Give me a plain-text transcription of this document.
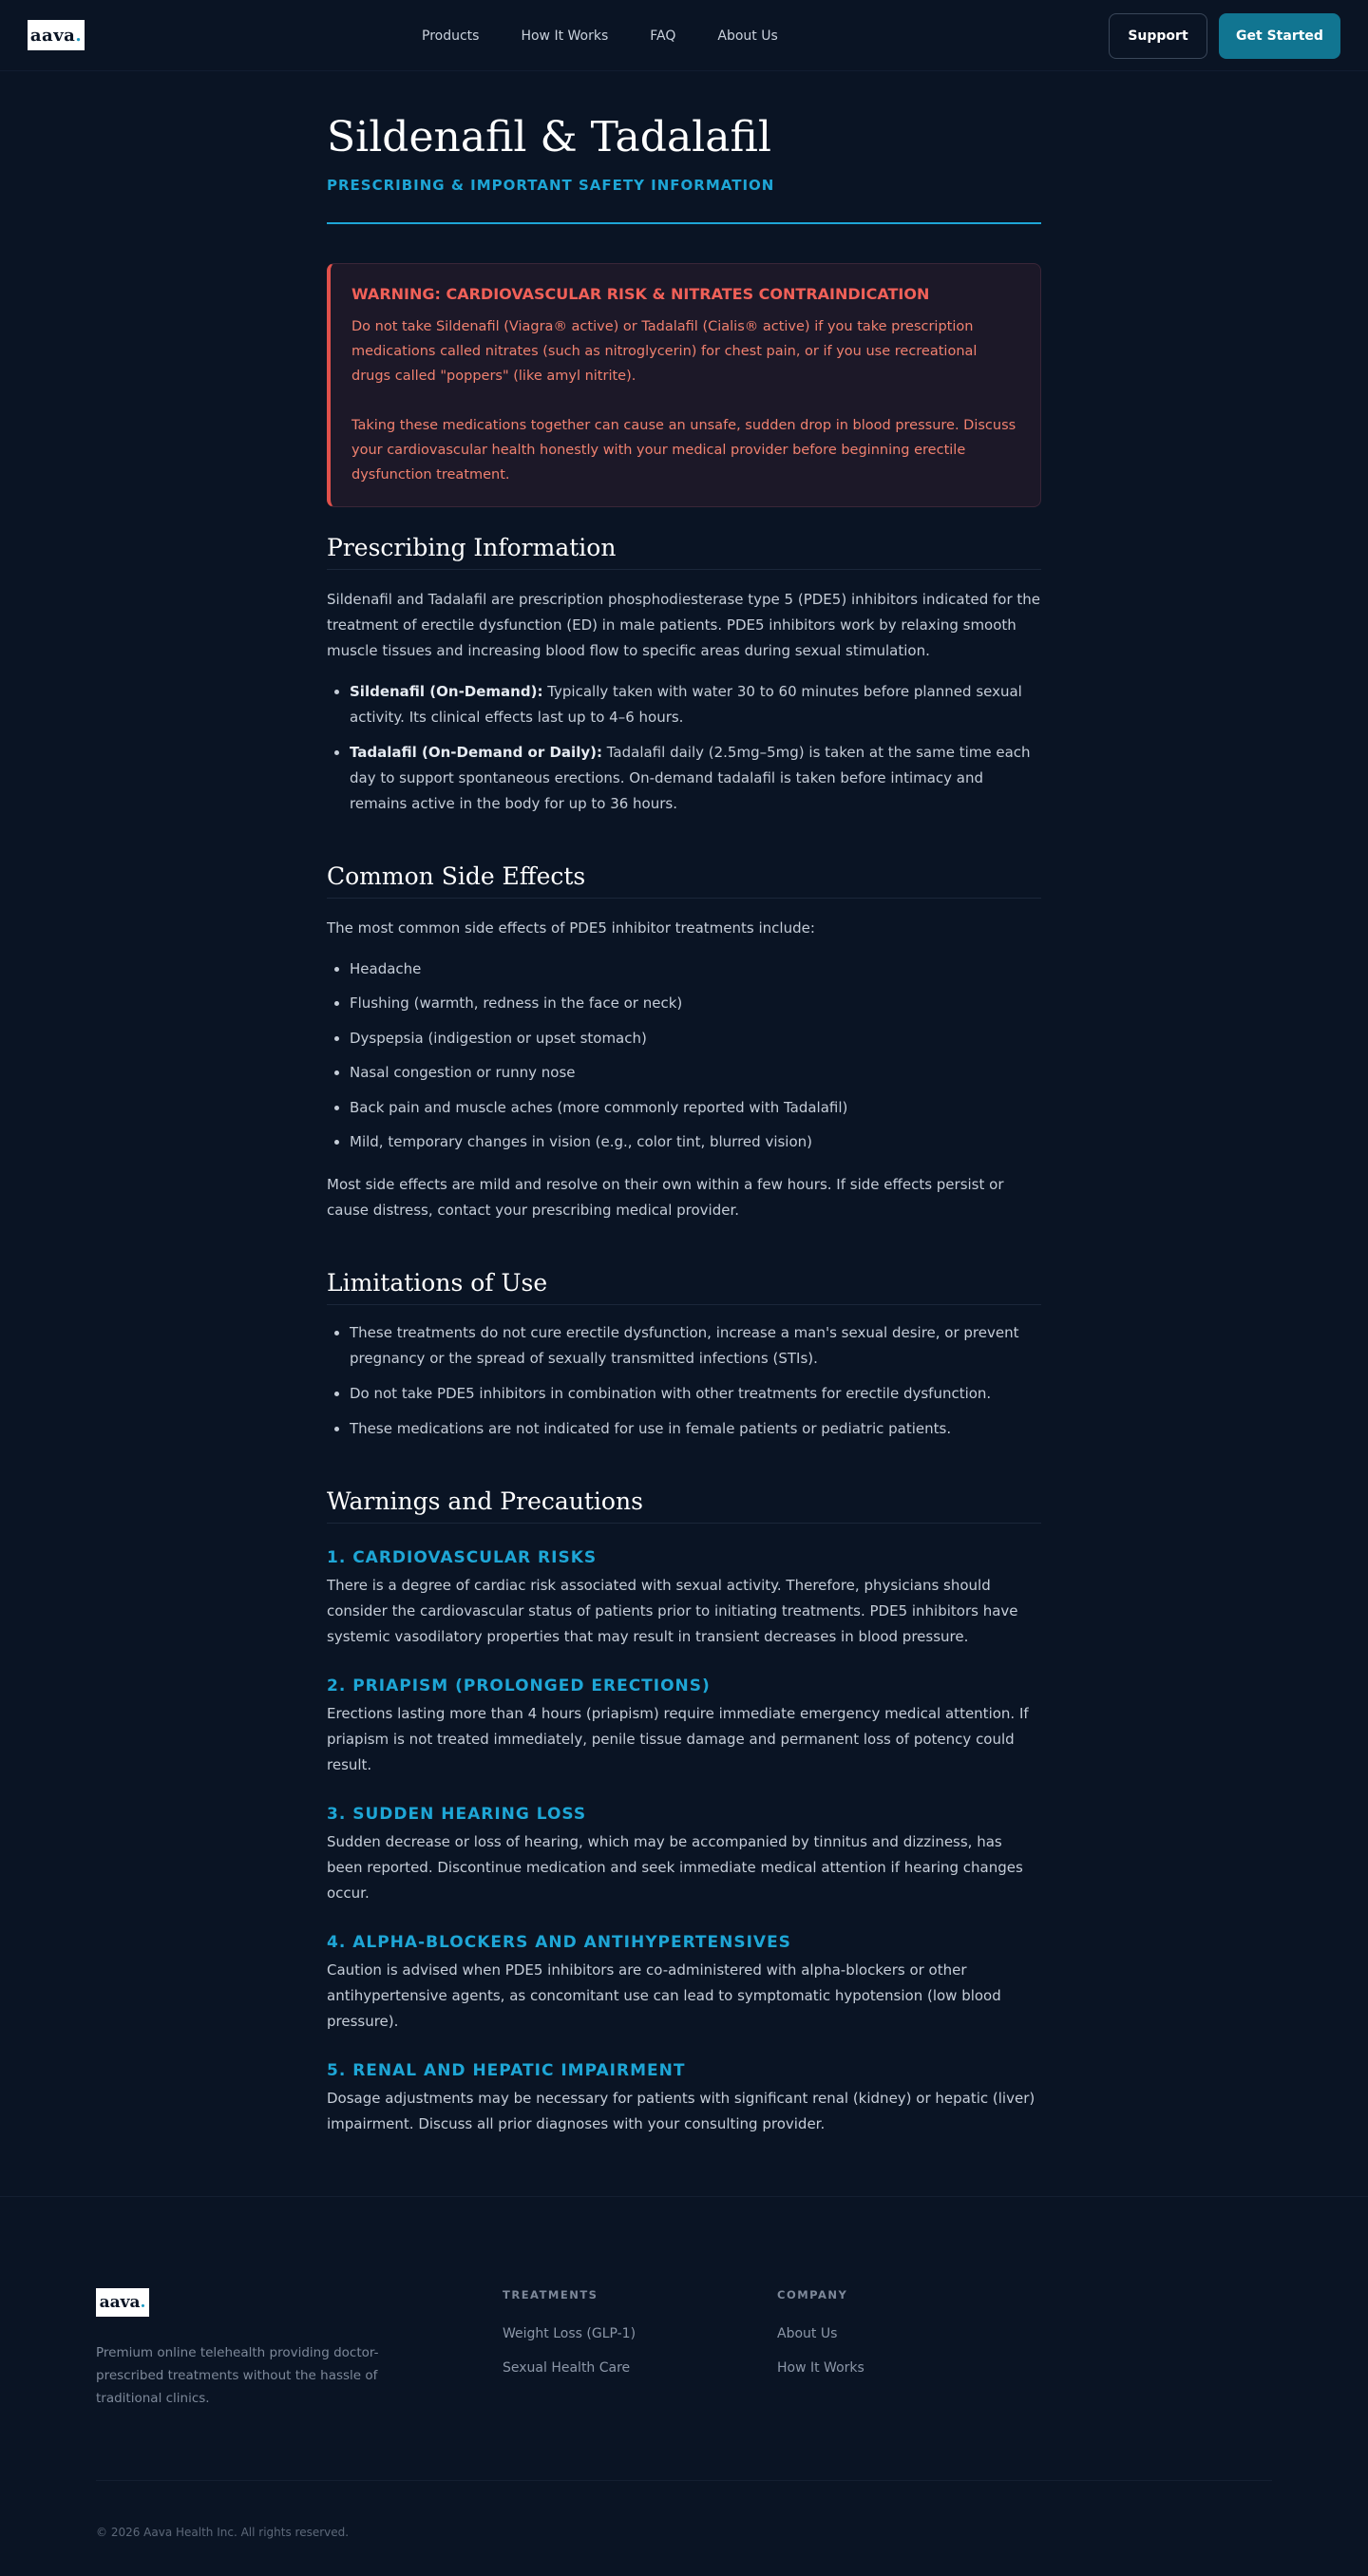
aava .	Products	How It Works	FAQ	About Us	Support	Get Started
Sildenafil & Tadalafil
PRESCRIBING & IMPORTANT SAFETY INFORMATION
WARNING: CARDIOVASCULAR RISK & NITRATES CONTRAINDICATION

Do not take Sildenafil (Viagra® active) or Tadalafil (Cialis® active) if you take prescription medications called nitrates (such as nitroglycerin) for chest pain, or if you use recreational drugs called "poppers" (like amyl nitrite).

Taking these medications together can cause an unsafe, sudden drop in blood pressure. Discuss your cardiovascular health honestly with your medical provider before beginning erectile dysfunction treatment.

Prescribing Information

Sildenafil and Tadalafil are prescription phosphodiesterase type 5 (PDE5) inhibitors indicated for the treatment of erectile dysfunction (ED) in male patients. PDE5 inhibitors work by relaxing smooth muscle tissues and increasing blood flow to specific areas during sexual stimulation.

• Sildenafil (On-Demand): Typically taken with water 30 to 60 minutes before planned sexual activity. Its clinical effects last up to 4–6 hours.
• Tadalafil (On-Demand or Daily): Tadalafil daily (2.5mg–5mg) is taken at the same time each day to support spontaneous erections. On-demand tadalafil is taken before intimacy and remains active in the body for up to 36 hours.
Common Side Effects

The most common side effects of PDE5 inhibitor treatments include:

• Headache
• Flushing (warmth, redness in the face or neck)
• Dyspepsia (indigestion or upset stomach)
• Nasal congestion or runny nose
• Back pain and muscle aches (more commonly reported with Tadalafil)
• Mild, temporary changes in vision (e.g., color tint, blurred vision)

Most side effects are mild and resolve on their own within a few hours. If side effects persist or cause distress, contact your prescribing medical provider.

Limitations of Use
• These treatments do not cure erectile dysfunction, increase a man's sexual desire, or prevent pregnancy or the spread of sexually transmitted infections (STIs).
• Do not take PDE5 inhibitors in combination with other treatments for erectile dysfunction.
• These medications are not indicated for use in female patients or pediatric patients.
Warnings and Precautions
1. CARDIOVASCULAR RISKS

There is a degree of cardiac risk associated with sexual activity. Therefore, physicians should consider the cardiovascular status of patients prior to initiating treatments. PDE5 inhibitors have systemic vasodilatory properties that may result in transient decreases in blood pressure.

2. PRIAPISM (PROLONGED ERECTIONS)

Erections lasting more than 4 hours (priapism) require immediate emergency medical attention. If priapism is not treated immediately, penile tissue damage and permanent loss of potency could result.

3. SUDDEN HEARING LOSS

Sudden decrease or loss of hearing, which may be accompanied by tinnitus and dizziness, has been reported. Discontinue medication and seek immediate medical attention if hearing changes occur.

4. ALPHA-BLOCKERS AND ANTIHYPERTENSIVES

Caution is advised when PDE5 inhibitors are co-administered with alpha-blockers or other antihypertensive agents, as concomitant use can lead to symptomatic hypotension (low blood pressure).

5. RENAL AND HEPATIC IMPAIRMENT

Dosage adjustments may be necessary for patients with significant renal (kidney) or hepatic (liver) impairment. Discuss all prior diagnoses with your consulting provider.

aava .
Premium online telehealth providing doctor-prescribed treatments without the hassle of traditional clinics.
TREATMENTS
Weight Loss (GLP-1)
Sexual Health Care
COMPANY
About Us
How It Works
© 2026 Aava Health Inc. All rights reserved.
